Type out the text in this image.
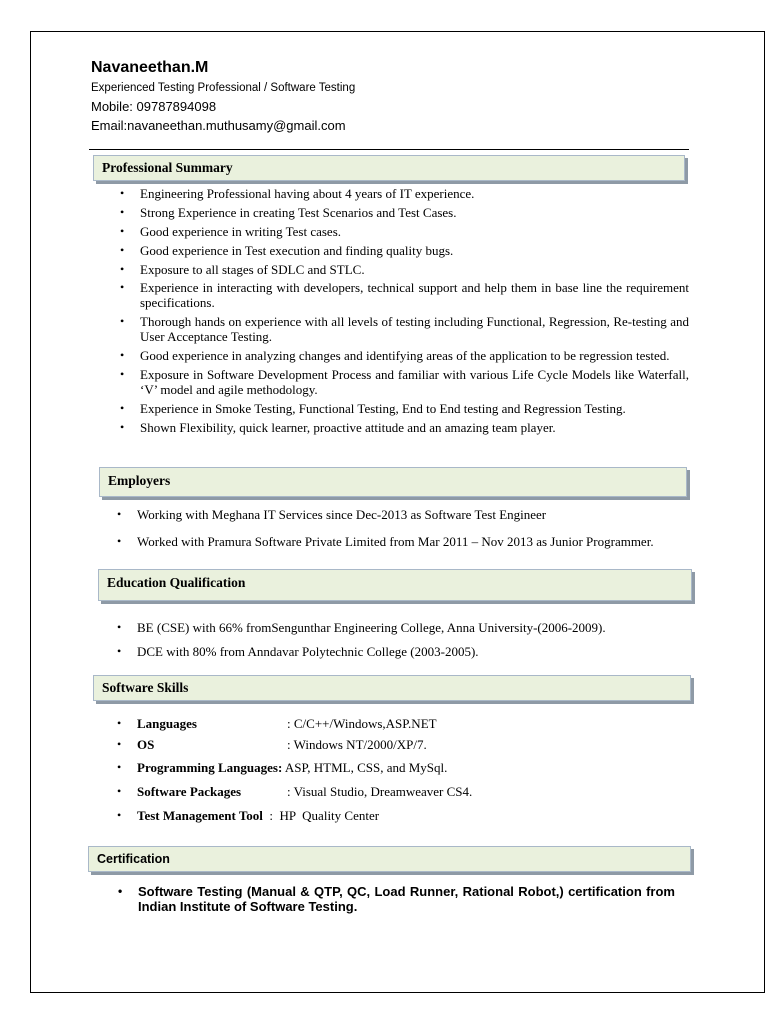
Navaneethan.M
Experienced Testing Professional / Software Testing
Mobile: 09787894098
Email:navaneethan.muthusamy@gmail.com
Professional Summary
• Engineering Professional having about 4 years of IT experience.
• Strong Experience in creating Test Scenarios and Test Cases.
• Good experience in writing Test cases.
• Good experience in Test execution and finding quality bugs.
• Exposure to all stages of SDLC and STLC.
• Experience in interacting with developers, technical support and help them in base line the requirement specifications.
• Thorough hands on experience with all levels of testing including Functional, Regression, Re-testing and User Acceptance Testing.
• Good experience in analyzing changes and identifying areas of the application to be regression tested.
• Exposure in Software Development Process and familiar with various Life Cycle Models like Waterfall, ‘V’ model and agile methodology.
• Experience in Smoke Testing, Functional Testing, End to End testing and Regression Testing.
• Shown Flexibility, quick learner, proactive attitude and an amazing team player.
Employers
• Working with Meghana IT Services since Dec-2013 as Software Test Engineer
• Worked with Pramura Software Private Limited from Mar 2011 – Nov 2013 as Junior Programmer.
Education Qualification
• BE (CSE) with 66% fromSengunthar Engineering College, Anna University-(2006-2009).
• DCE with 80% from Anndavar Polytechnic College (2003-2005).
Software Skills
• Languages	: C/C++/Windows,ASP.NET
• OS	: Windows NT/2000/XP/7.
• Programming Languages: ASP, HTML, CSS, and MySql.
• Software Packages	: Visual Studio, Dreamweaver CS4.
• Test Management Tool  :  HP  Quality Center
Certification
• Software Testing (Manual & QTP, QC, Load Runner, Rational Robot,) certification from Indian Institute of Software Testing.
